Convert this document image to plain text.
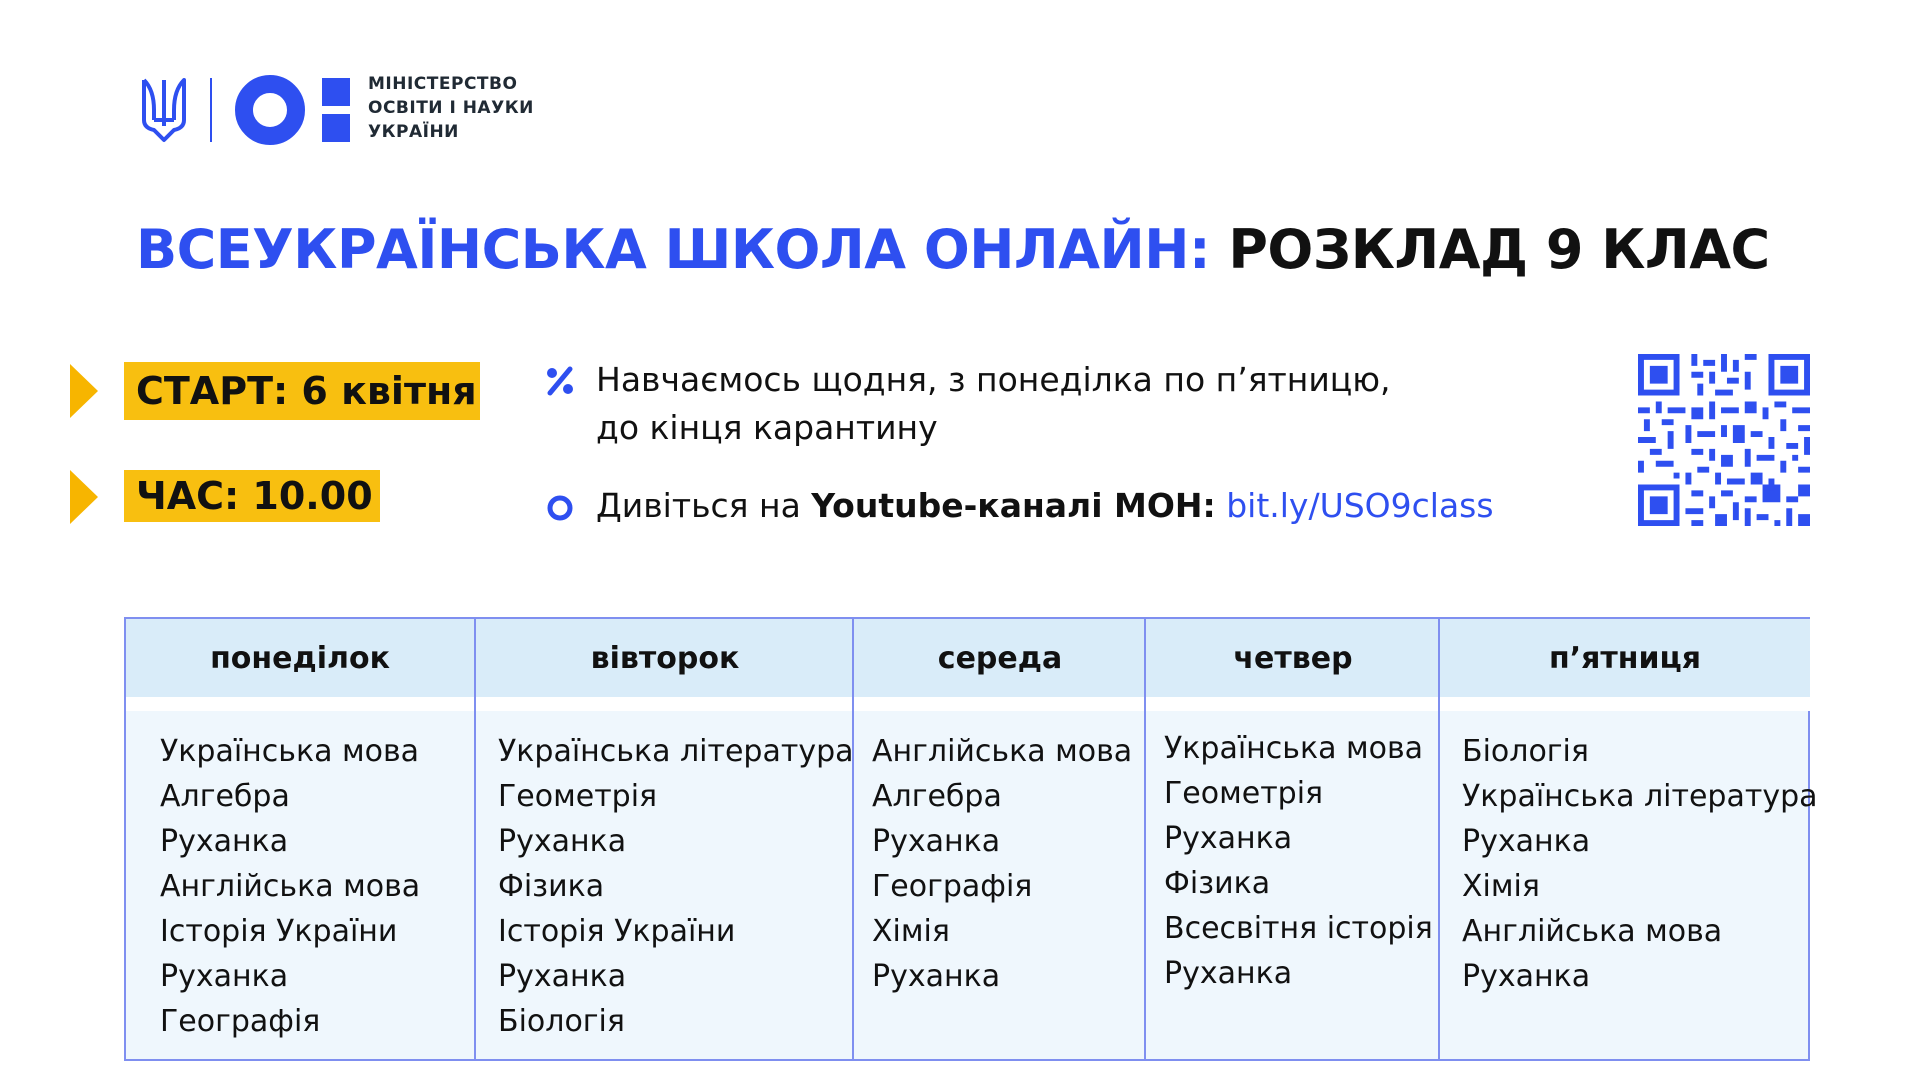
МІНІСТЕРСТВО
ОСВІТИ І НАУКИ
УКРАЇНИ
ВСЕУКРАЇНСЬКА ШКОЛА ОНЛАЙН: РОЗКЛАД 9 КЛАС
СТАРТ: 6 квітня
ЧАС: 10.00
Навчаємось щодня, з понеділка по п’ятницю,
до кінця карантину
Дивіться на Youtube-каналі МОН: bit.ly/USO9class
понеділок
Українська мова
Алгебра
Руханка
Англійська мова
Історія України
Руханка
Географія
вівторок
Українська література
Геометрія
Руханка
Фізика
Історія України
Руханка
Біологія
середа
Англійська мова
Алгебра
Руханка
Географія
Хімія
Руханка
четвер
Українська мова
Геометрія
Руханка
Фізика
Всесвітня історія
Руханка
п’ятниця
Біологія
Українська література
Руханка
Хімія
Англійська мова
Руханка
